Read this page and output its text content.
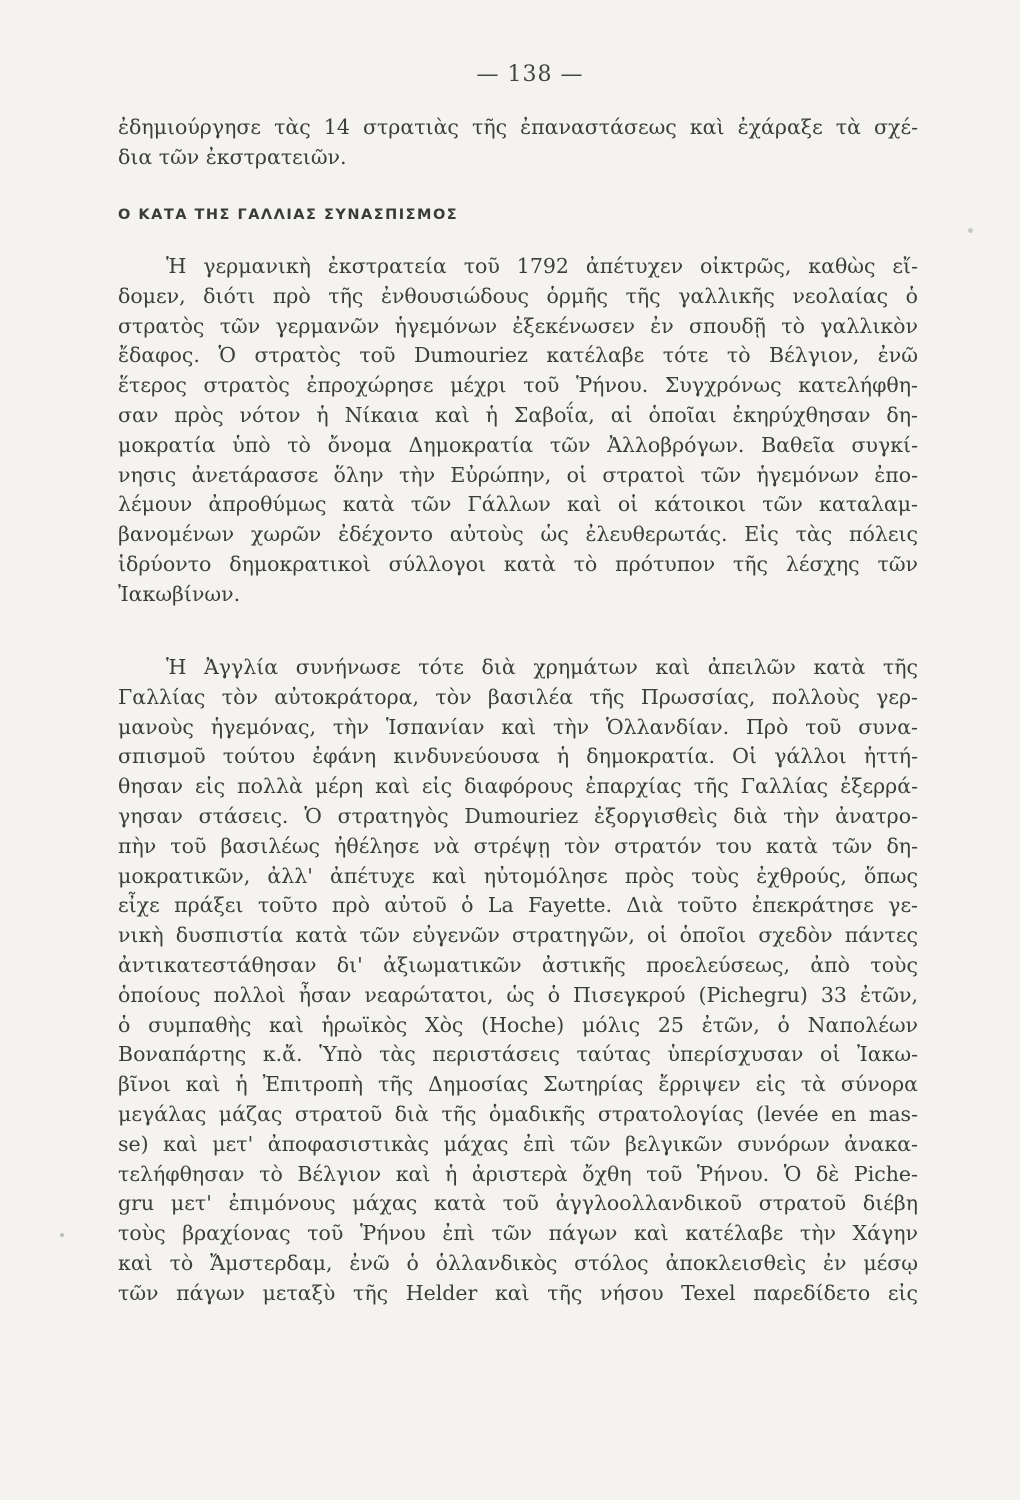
— 138 —
ἐδημιούργησε τὰς 14 στρατιὰς τῆς ἐπαναστάσεως καὶ ἐχάραξε τὰ σχέ-
δια τῶν ἐκστρατειῶν.
Ο ΚΑΤΑ ΤΗΣ ΓΑΛΛΙΑΣ ΣΥΝΑΣΠΙΣΜΟΣ
Ἡ γερμανικὴ ἐκστρατεία τοῦ 1792 ἀπέτυχεν οἰκτρῶς, καθὼς εἴ-
δομεν, διότι πρὸ τῆς ἐνθουσιώδους ὁρμῆς τῆς γαλλικῆς νεολαίας ὁ
στρατὸς τῶν γερμανῶν ἡγεμόνων ἐξεκένωσεν ἐν σπουδῇ τὸ γαλλικὸν
ἔδαφος. Ὁ στρατὸς τοῦ Dumouriez κατέλαβε τότε τὸ Βέλγιον, ἐνῶ
ἕτερος στρατὸς ἐπροχώρησε μέχρι τοῦ Ῥήνου. Συγχρόνως κατελήφθη-
σαν πρὸς νότον ἡ Νίκαια καὶ ἡ Σαβοΐα, αἱ ὁποῖαι ἐκηρύχθησαν δη-
μοκρατία ὑπὸ τὸ ὄνομα Δημοκρατία τῶν Ἀλλοβρόγων. Βαθεῖα συγκί-
νησις ἀνετάρασσε ὅλην τὴν Εὐρώπην, οἱ στρατοὶ τῶν ἡγεμόνων ἐπο-
λέμουν ἀπροθύμως κατὰ τῶν Γάλλων καὶ οἱ κάτοικοι τῶν καταλαμ-
βανομένων χωρῶν ἐδέχοντο αὐτοὺς ὡς ἐλευθερωτάς. Εἰς τὰς πόλεις
ἱδρύοντο δημοκρατικοὶ σύλλογοι κατὰ τὸ πρότυπον τῆς λέσχης τῶν
Ἰακωβίνων.
Ἡ Ἀγγλία συνήνωσε τότε διὰ χρημάτων καὶ ἀπειλῶν κατὰ τῆς
Γαλλίας τὸν αὐτοκράτορα, τὸν βασιλέα τῆς Πρωσσίας, πολλοὺς γερ-
μανοὺς ἡγεμόνας, τὴν Ἱσπανίαν καὶ τὴν Ὁλλανδίαν. Πρὸ τοῦ συνα-
σπισμοῦ τούτου ἐφάνη κινδυνεύουσα ἡ δημοκρατία. Οἱ γάλλοι ἡττή-
θησαν εἰς πολλὰ μέρη καὶ εἰς διαφόρους ἐπαρχίας τῆς Γαλλίας ἐξερρά-
γησαν στάσεις. Ὁ στρατηγὸς Dumouriez ἐξοργισθεὶς διὰ τὴν ἀνατρο-
πὴν τοῦ βασιλέως ἠθέλησε νὰ στρέψῃ τὸν στρατόν του κατὰ τῶν δη-
μοκρατικῶν, ἀλλ' ἀπέτυχε καὶ ηὐτομόλησε πρὸς τοὺς ἐχθρούς, ὅπως
εἶχε πράξει τοῦτο πρὸ αὐτοῦ ὁ La Fayette. Διὰ τοῦτο ἐπεκράτησε γε-
νικὴ δυσπιστία κατὰ τῶν εὐγενῶν στρατηγῶν, οἱ ὁποῖοι σχεδὸν πάντες
ἀντικατεστάθησαν δι' ἀξιωματικῶν ἀστικῆς προελεύσεως, ἀπὸ τοὺς
ὁποίους πολλοὶ ἦσαν νεαρώτατοι, ὡς ὁ Πισεγκρού (Pichegru) 33 ἐτῶν,
ὁ συμπαθὴς καὶ ἡρωϊκὸς Χὸς (Hoche) μόλις 25 ἐτῶν, ὁ Ναπολέων
Βοναπάρτης κ.ἄ. Ὑπὸ τὰς περιστάσεις ταύτας ὑπερίσχυσαν οἱ Ἰακω-
βῖνοι καὶ ἡ Ἐπιτροπὴ τῆς Δημοσίας Σωτηρίας ἔρριψεν εἰς τὰ σύνορα
μεγάλας μάζας στρατοῦ διὰ τῆς ὁμαδικῆς στρατολογίας (levée en mas-
se) καὶ μετ' ἀποφασιστικὰς μάχας ἐπὶ τῶν βελγικῶν συνόρων ἀνακα-
τελήφθησαν τὸ Βέλγιον καὶ ἡ ἀριστερὰ ὄχθη τοῦ Ῥήνου. Ὁ δὲ Piche-
gru μετ' ἐπιμόνους μάχας κατὰ τοῦ ἀγγλοολλανδικοῦ στρατοῦ διέβη
τοὺς βραχίονας τοῦ Ῥήνου ἐπὶ τῶν πάγων καὶ κατέλαβε τὴν Χάγην
καὶ τὸ Ἄμστερδαμ, ἐνῶ ὁ ὁλλανδικὸς στόλος ἀποκλεισθεὶς ἐν μέσῳ
τῶν πάγων μεταξὺ τῆς Helder καὶ τῆς νήσου Texel παρεδίδετο εἰς
